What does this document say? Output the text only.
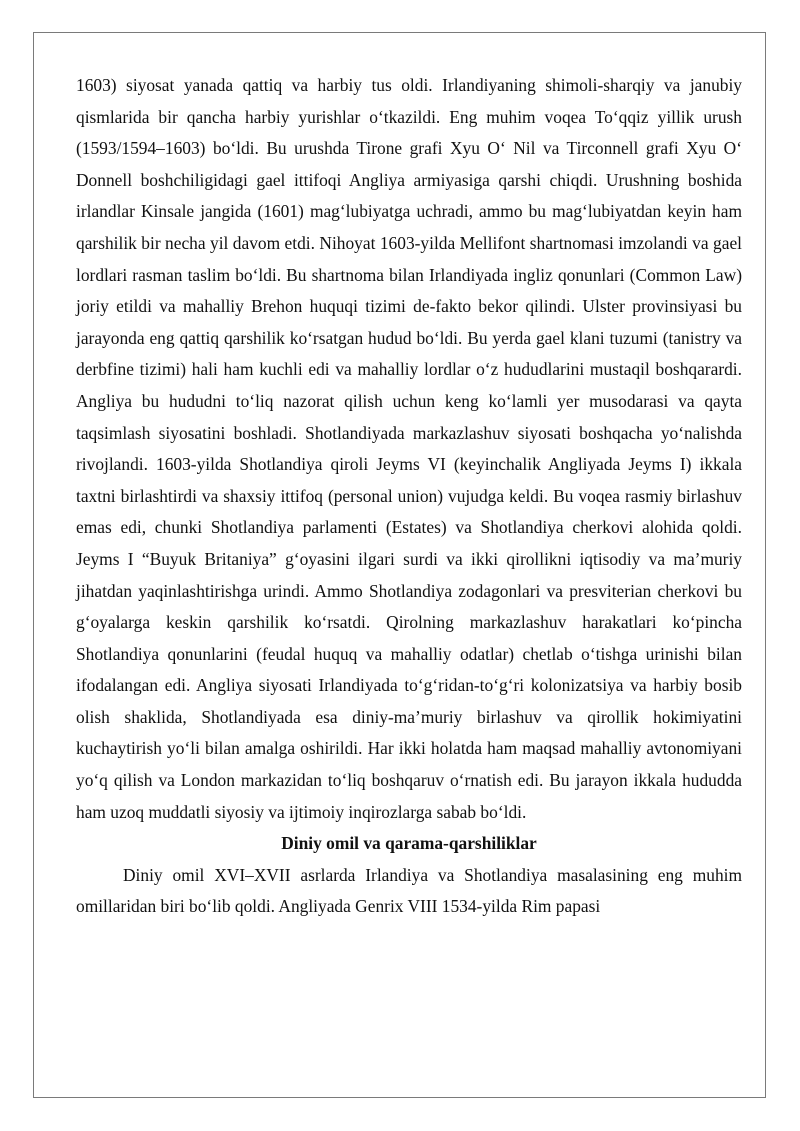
1603) siyosat yanada qattiq va harbiy tus oldi. Irlandiyaning shimoli-sharqiy va janubiy qismlarida bir qancha harbiy yurishlar oʻtkazildi. Eng muhim voqea Toʻqqiz yillik urush (1593/1594–1603) boʻldi. Bu urushda Tirone grafi Xyu Oʻ Nil va Tirconnell grafi Xyu Oʻ Donnell boshchiligidagi gael ittifoqi Angliya armiyasiga qarshi chiqdi. Urushning boshida irlandlar Kinsale jangida (1601) magʻlubiyatga uchradi, ammo bu magʻlubiyatdan keyin ham qarshilik bir necha yil davom etdi. Nihoyat 1603-yilda Mellifont shartnomasi imzolandi va gael lordlari rasman taslim boʻldi. Bu shartnoma bilan Irlandiyada ingliz qonunlari (Common Law) joriy etildi va mahalliy Brehon huquqi tizimi de-fakto bekor qilindi. Ulster provinsiyasi bu jarayonda eng qattiq qarshilik koʻrsatgan hudud boʻldi. Bu yerda gael klani tuzumi (tanistry va derbfine tizimi) hali ham kuchli edi va mahalliy lordlar oʻz hududlarini mustaqil boshqarardi. Angliya bu hududni toʻliq nazorat qilish uchun keng koʻlamli yer musodarasi va qayta taqsimlash siyosatini boshladi. Shotlandiyada markazlashuv siyosati boshqacha yoʻnalishda rivojlandi. 1603-yilda Shotlandiya qiroli Jeyms VI (keyinchalik Angliyada Jeyms I) ikkala taxtni birlashtirdi va shaxsiy ittifoq (personal union) vujudga keldi. Bu voqea rasmiy birlashuv emas edi, chunki Shotlandiya parlamenti (Estates) va Shotlandiya cherkovi alohida qoldi. Jeyms I “Buyuk Britaniya” gʻoyasini ilgari surdi va ikki qirollikni iqtisodiy va maʼmuriy jihatdan yaqinlashtirishga urindi. Ammo Shotlandiya zodagonlari va presviterian cherkovi bu gʻoyalarga keskin qarshilik koʻrsatdi. Qirolning markazlashuv harakatlari koʻpincha Shotlandiya qonunlarini (feudal huquq va mahalliy odatlar) chetlab oʻtishga urinishi bilan ifodalangan edi. Angliya siyosati Irlandiyada toʻgʻridan-toʻgʻri kolonizatsiya va harbiy bosib olish shaklida, Shotlandiyada esa diniy-maʼmuriy birlashuv va qirollik hokimiyatini kuchaytirish yoʻli bilan amalga oshirildi. Har ikki holatda ham maqsad mahalliy avtonomiyani yoʻq qilish va London markazidan toʻliq boshqaruv oʻrnatish edi. Bu jarayon ikkala hududda ham uzoq muddatli siyosiy va ijtimoiy inqirozlarga sabab boʻldi.

Diniy omil va qarama-qarshiliklar

Diniy omil XVI–XVII asrlarda Irlandiya va Shotlandiya masalasining eng muhim omillaridan biri boʻlib qoldi. Angliyada Genrix VIII 1534-yilda Rim papasi
